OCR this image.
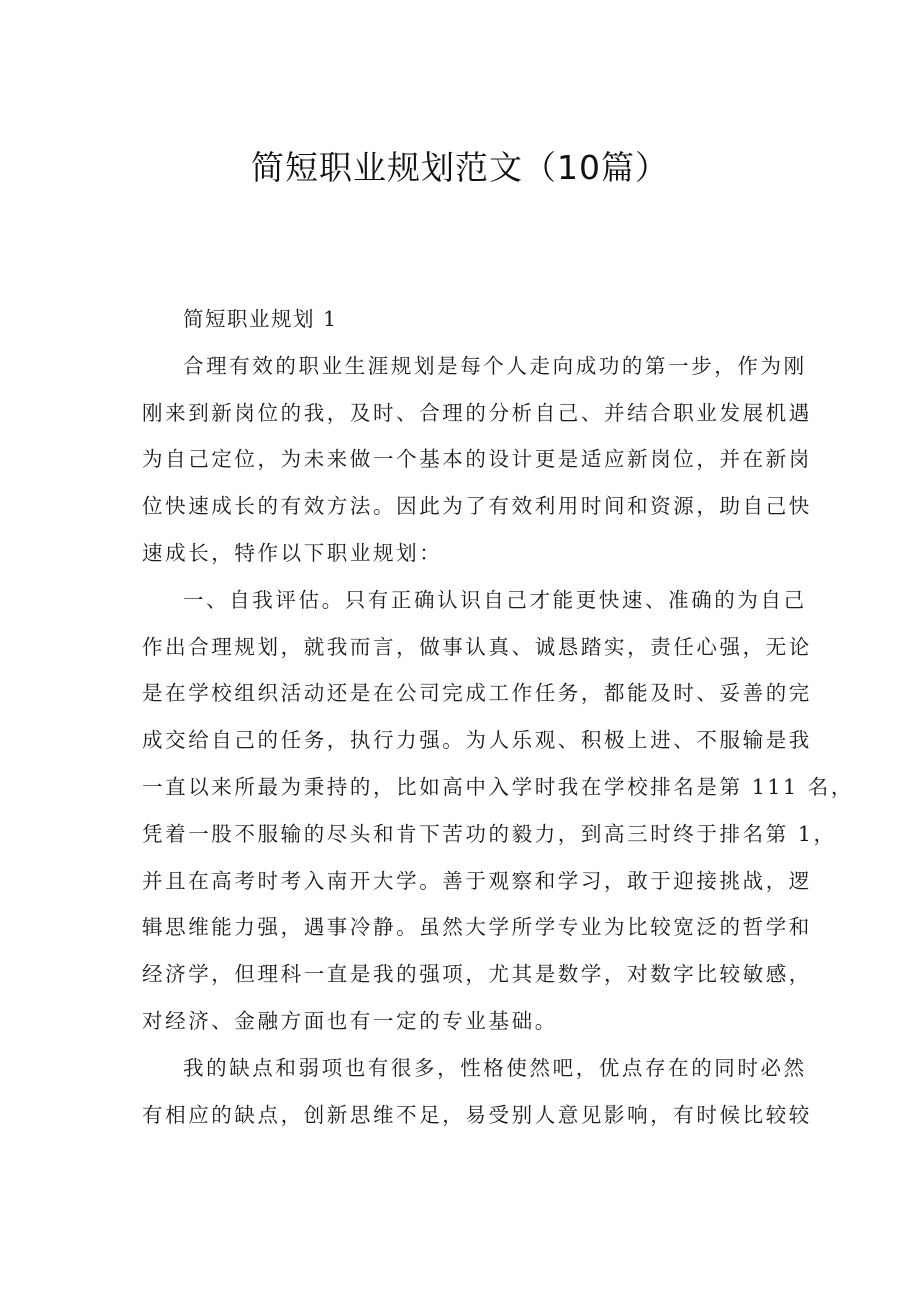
简短职业规划范文（10篇）
简短职业规划 1
合理有效的职业生涯规划是每个人走向成功的第一步，作为刚
刚来到新岗位的我，及时、合理的分析自己、并结合职业发展机遇
为自己定位，为未来做一个基本的设计更是适应新岗位，并在新岗
位快速成长的有效方法。因此为了有效利用时间和资源，助自己快
速成长，特作以下职业规划：
一、自我评估。只有正确认识自己才能更快速、准确的为自己
作出合理规划，就我而言，做事认真、诚恳踏实，责任心强，无论
是在学校组织活动还是在公司完成工作任务，都能及时、妥善的完
成交给自己的任务，执行力强。为人乐观、积极上进、不服输是我
一直以来所最为秉持的，比如高中入学时我在学校排名是第 111 名，
凭着一股不服输的尽头和肯下苦功的毅力，到高三时终于排名第 1，
并且在高考时考入南开大学。善于观察和学习，敢于迎接挑战，逻
辑思维能力强，遇事冷静。虽然大学所学专业为比较宽泛的哲学和
经济学，但理科一直是我的强项，尤其是数学，对数字比较敏感，
对经济、金融方面也有一定的专业基础。
我的缺点和弱项也有很多，性格使然吧，优点存在的同时必然
有相应的缺点，创新思维不足，易受别人意见影响，有时候比较较
